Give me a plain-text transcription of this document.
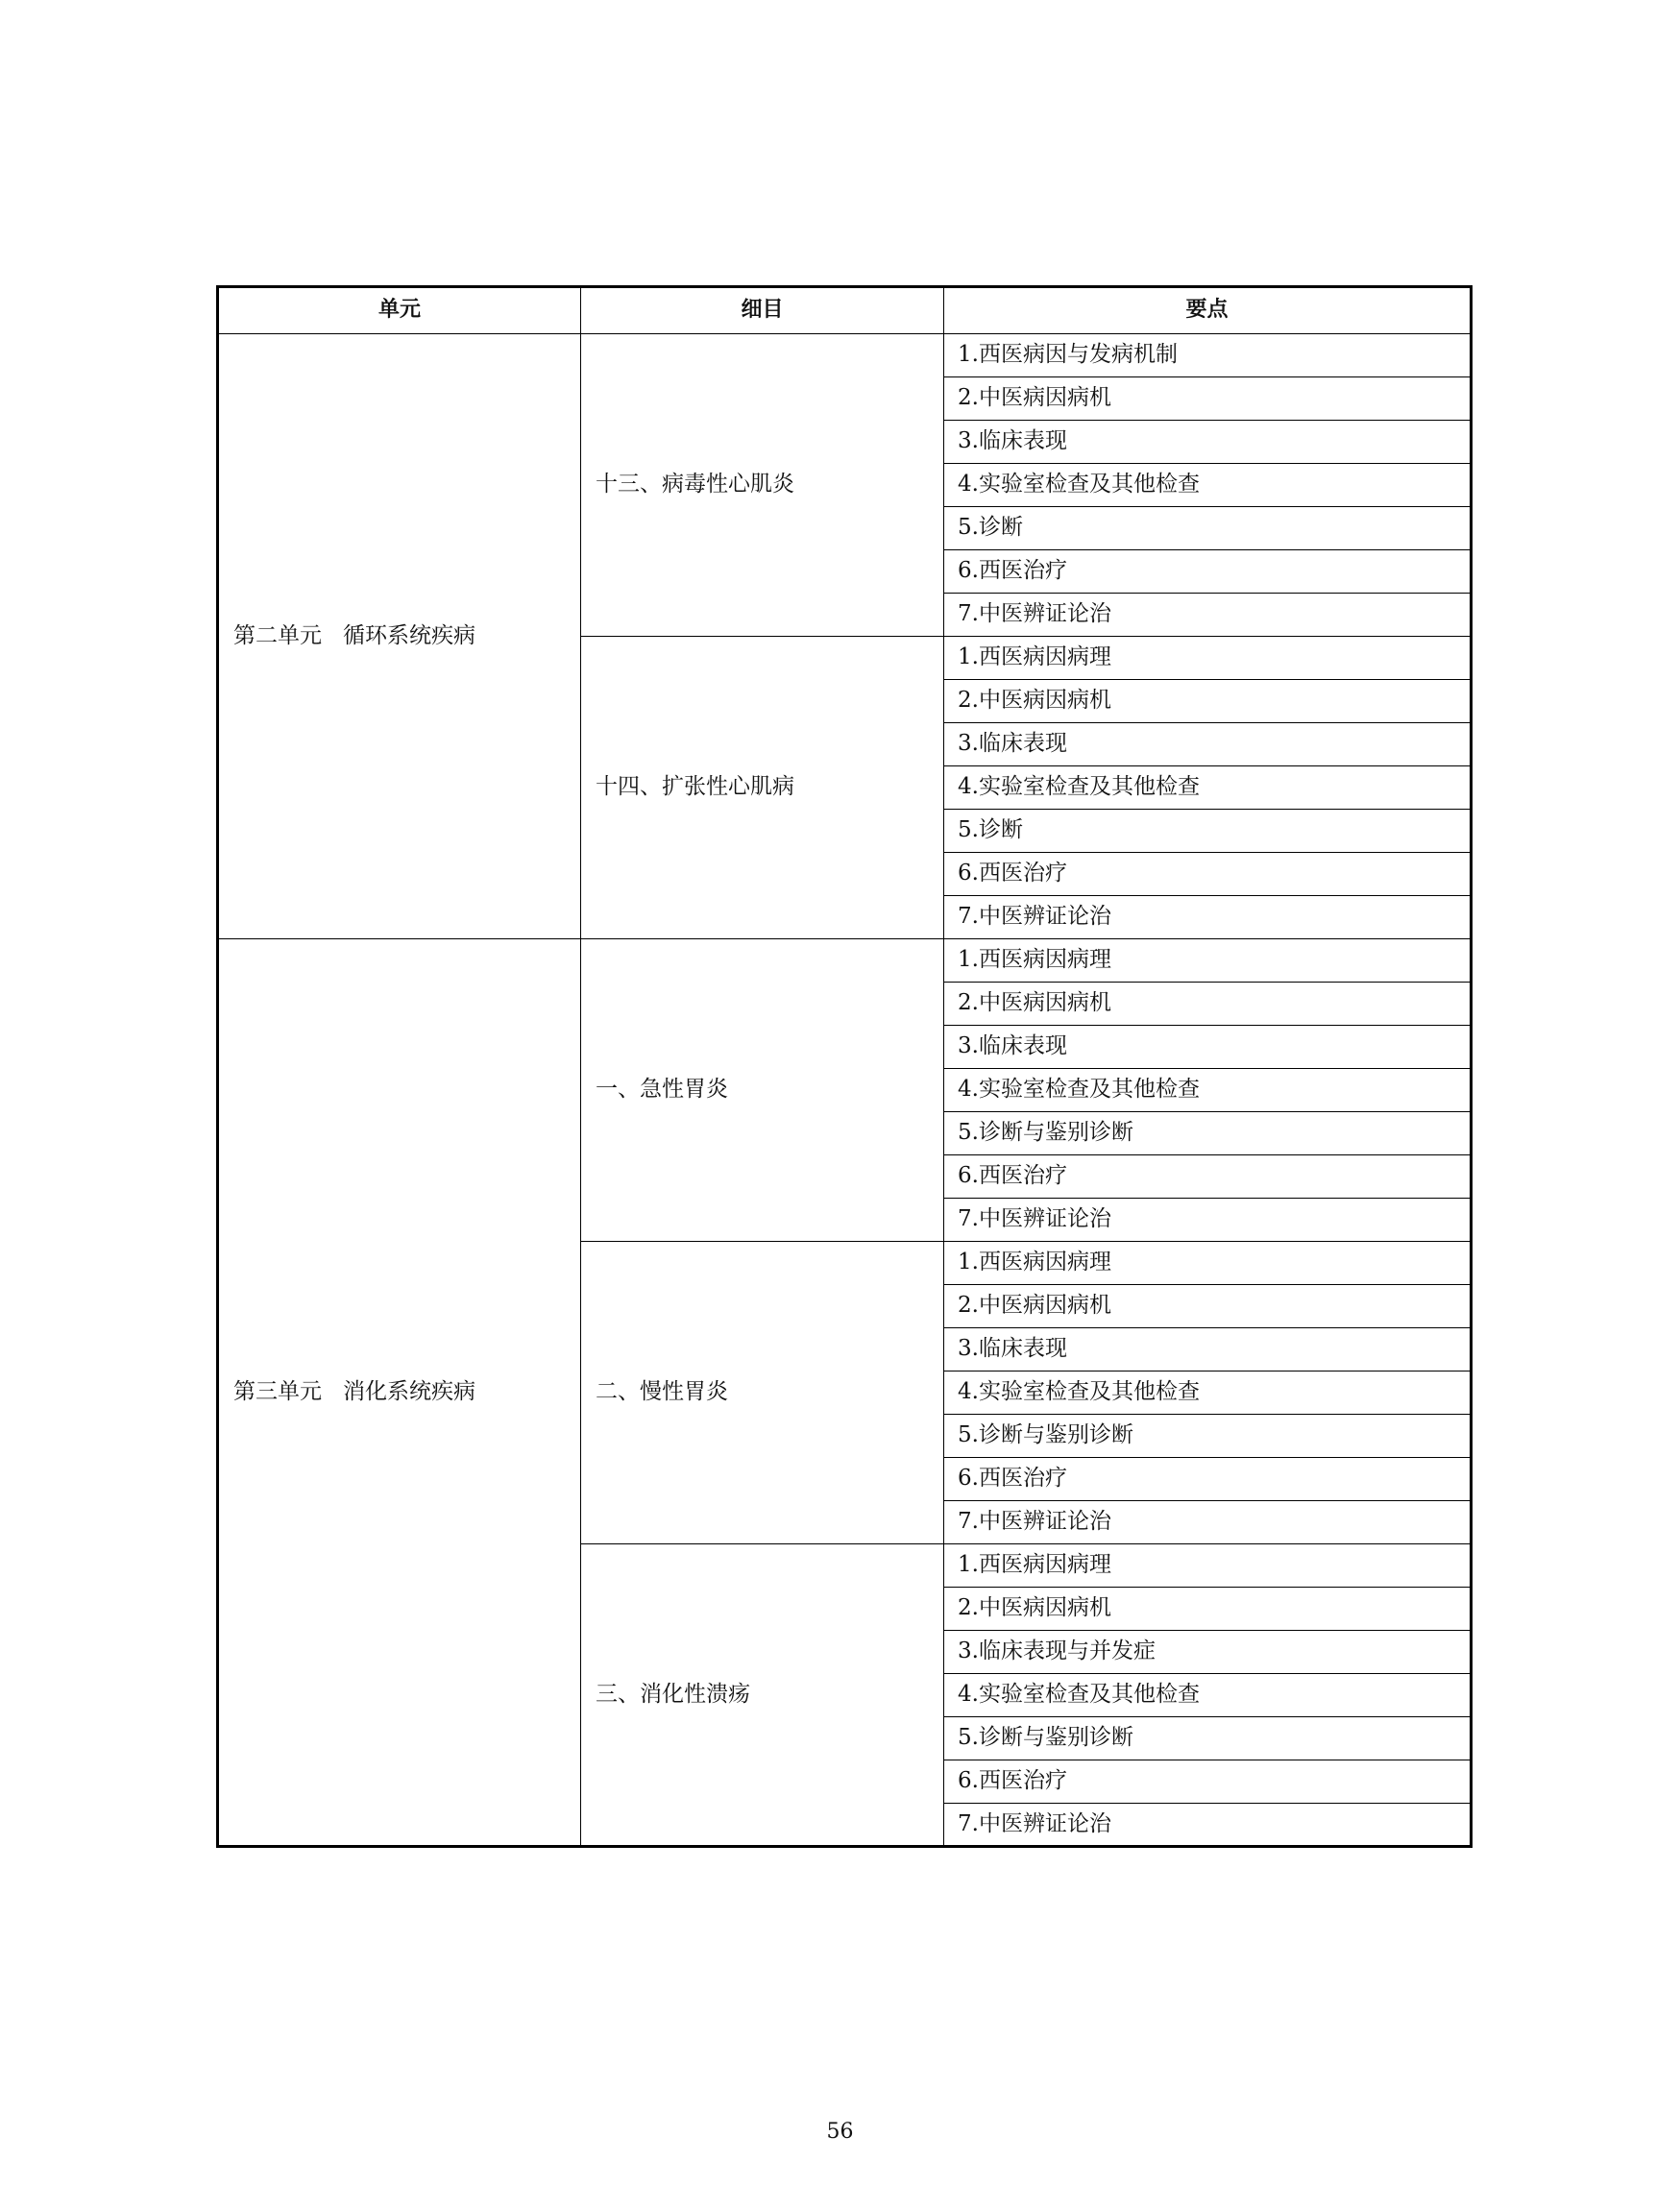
单元	细目	要点
第二单元 循环系统疾病	十三、病毒性心肌炎	1.西医病因与发病机制
		2.中医病因病机
		3.临床表现
		4.实验室检查及其他检查
		5.诊断
		6.西医治疗
		7.中医辨证论治
	十四、扩张性心肌病	1.西医病因病理
		2.中医病因病机
		3.临床表现
		4.实验室检查及其他检查
		5.诊断
		6.西医治疗
		7.中医辨证论治
第三单元 消化系统疾病	一、急性胃炎	1.西医病因病理
		2.中医病因病机
		3.临床表现
		4.实验室检查及其他检查
		5.诊断与鉴别诊断
		6.西医治疗
		7.中医辨证论治
	二、慢性胃炎	1.西医病因病理
		2.中医病因病机
		3.临床表现
		4.实验室检查及其他检查
		5.诊断与鉴别诊断
		6.西医治疗
		7.中医辨证论治
	三、消化性溃疡	1.西医病因病理
		2.中医病因病机
		3.临床表现与并发症
		4.实验室检查及其他检查
		5.诊断与鉴别诊断
		6.西医治疗
		7.中医辨证论治
56
